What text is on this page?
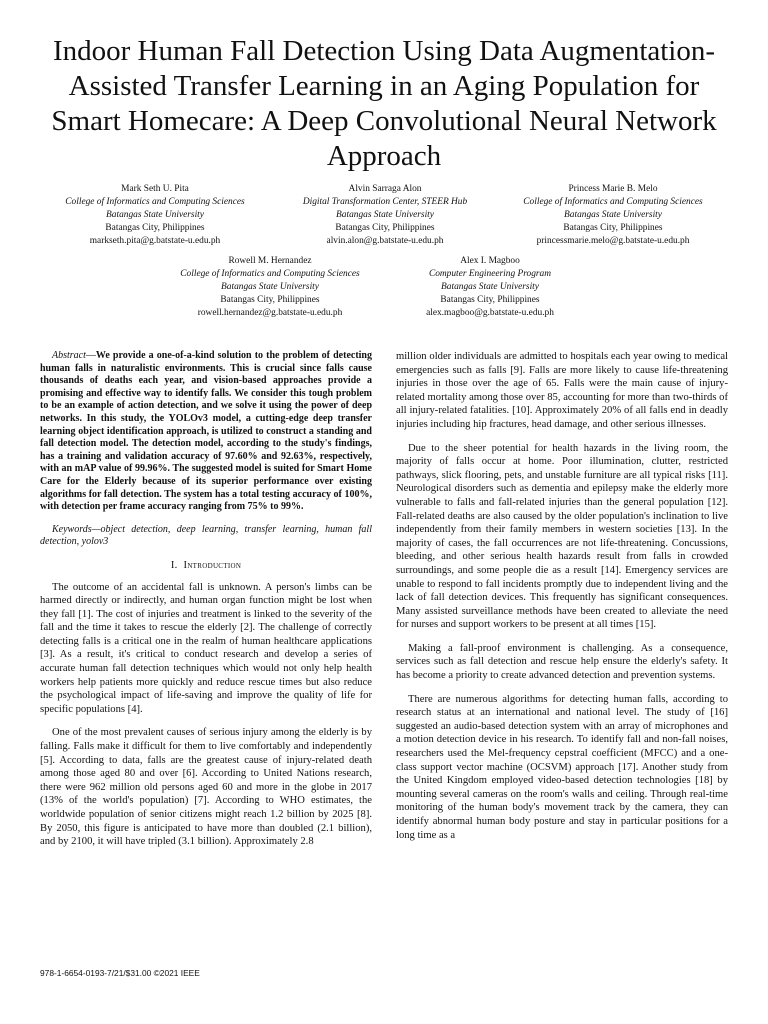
Indoor Human Fall Detection Using Data Augmentation-Assisted Transfer Learning in an Aging Population for Smart Homecare: A Deep Convolutional Neural Network Approach
Mark Seth U. Pita
College of Informatics and Computing Sciences
Batangas State University
Batangas City, Philippines
markseth.pita@g.batstate-u.edu.ph
Alvin Sarraga Alon
Digital Transformation Center, STEER Hub
Batangas State University
Batangas City, Philippines
alvin.alon@g.batstate-u.edu.ph
Princess Marie B. Melo
College of Informatics and Computing Sciences
Batangas State University
Batangas City, Philippines
princessmarie.melo@g.batstate-u.edu.ph
Rowell M. Hernandez
College of Informatics and Computing Sciences
Batangas State University
Batangas City, Philippines
rowell.hernandez@g.batstate-u.edu.ph
Alex I. Magboo
Computer Engineering Program
Batangas State University
Batangas City, Philippines
alex.magboo@g.batstate-u.edu.ph

Abstract—We provide a one-of-a-kind solution to the problem of detecting human falls in naturalistic environments. This is crucial since falls cause thousands of deaths each year, and vision-based approaches provide a promising and effective way to identify falls. We consider this tough problem to be an example of action detection, and we solve it using the power of deep networks. In this study, the YOLOv3 model, a cutting-edge deep transfer learning object identification approach, is utilized to construct a standing and fall detection model. The detection model, according to the study's findings, has a training and validation accuracy of 97.60% and 92.63%, respectively, with an mAP value of 99.96%. The suggested model is suited for Smart Home Care for the Elderly because of its superior performance over existing algorithms for fall detection. The system has a total testing accuracy of 100%, with detection per frame accuracy ranging from 75% to 99%.

Keywords—object detection, deep learning, transfer learning, human fall detection, yolov3

I. Introduction

The outcome of an accidental fall is unknown. A person's limbs can be harmed directly or indirectly, and human organ function might be lost when they fall [1]. The cost of injuries and treatment is linked to the severity of the fall and the time it takes to rescue the elderly [2]. The challenge of correctly detecting falls is a critical one in the realm of human healthcare applications [3]. As a result, it's critical to conduct research and develop a series of accurate human fall detection techniques which would not only help health workers help patients more quickly and reduce rescue times but also reduce the psychological impact of life-saving and improve the quality of life for specific populations [4].

One of the most prevalent causes of serious injury among the elderly is by falling. Falls make it difficult for them to live comfortably and independently [5]. According to data, falls are the greatest cause of injury-related death among those aged 80 and over [6]. According to United Nations research, there were 962 million old persons aged 60 and more in the globe in 2017 (13% of the world's population) [7]. According to WHO estimates, the worldwide population of senior citizens might reach 1.2 billion by 2025 [8]. By 2050, this figure is anticipated to have more than doubled (2.1 billion), and by 2100, it will have tripled (3.1 billion). Approximately 2.8

million older individuals are admitted to hospitals each year owing to medical emergencies such as falls [9]. Falls are more likely to cause life-threatening injuries in those over the age of 65. Falls were the main cause of injury-related mortality among those over 85, accounting for more than two-thirds of all injury-related fatalities. [10]. Approximately 20% of all falls end in deadly injuries including hip fractures, head damage, and other serious illnesses.

Due to the sheer potential for health hazards in the living room, the majority of falls occur at home. Poor illumination, clutter, restricted pathways, slick flooring, pets, and unstable furniture are all typical risks [11]. Neurological disorders such as dementia and epilepsy make the elderly more vulnerable to falls and fall-related injuries than the general population [12]. Fall-related deaths are also caused by the older population's inclination to live independently from their family members in western societies [13]. In the majority of cases, the fall occurrences are not life-threatening. Concussions, bleeding, and other serious health hazards result from falls in crowded surroundings, and some people die as a result [14]. Emergency services are unable to respond to fall incidents promptly due to independent living and the lack of fall detection devices. This frequently has significant consequences. Many assisted surveillance methods have been created to alleviate the need for nurses and support workers to be present at all times [15].

Making a fall-proof environment is challenging. As a consequence, services such as fall detection and rescue help ensure the elderly's safety. It has become a priority to create advanced detection and prevention systems.

There are numerous algorithms for detecting human falls, according to research status at an international and national level. The study of [16] suggested an audio-based detection system with an array of microphones and a motion detection device in his research. To identify fall and non-fall noises, researchers used the Mel-frequency cepstral coefficient (MFCC) and a one-class support vector machine (OCSVM) approach [17]. Another study from the United Kingdom employed video-based detection technologies [18] by mounting several cameras on the room's walls and ceiling. Through real-time monitoring of the human body's movement track by the camera, they can identify abnormal human body posture and stay in particular positions for a long time as a

978-1-6654-0193-7/21/$31.00 ©2021 IEEE
